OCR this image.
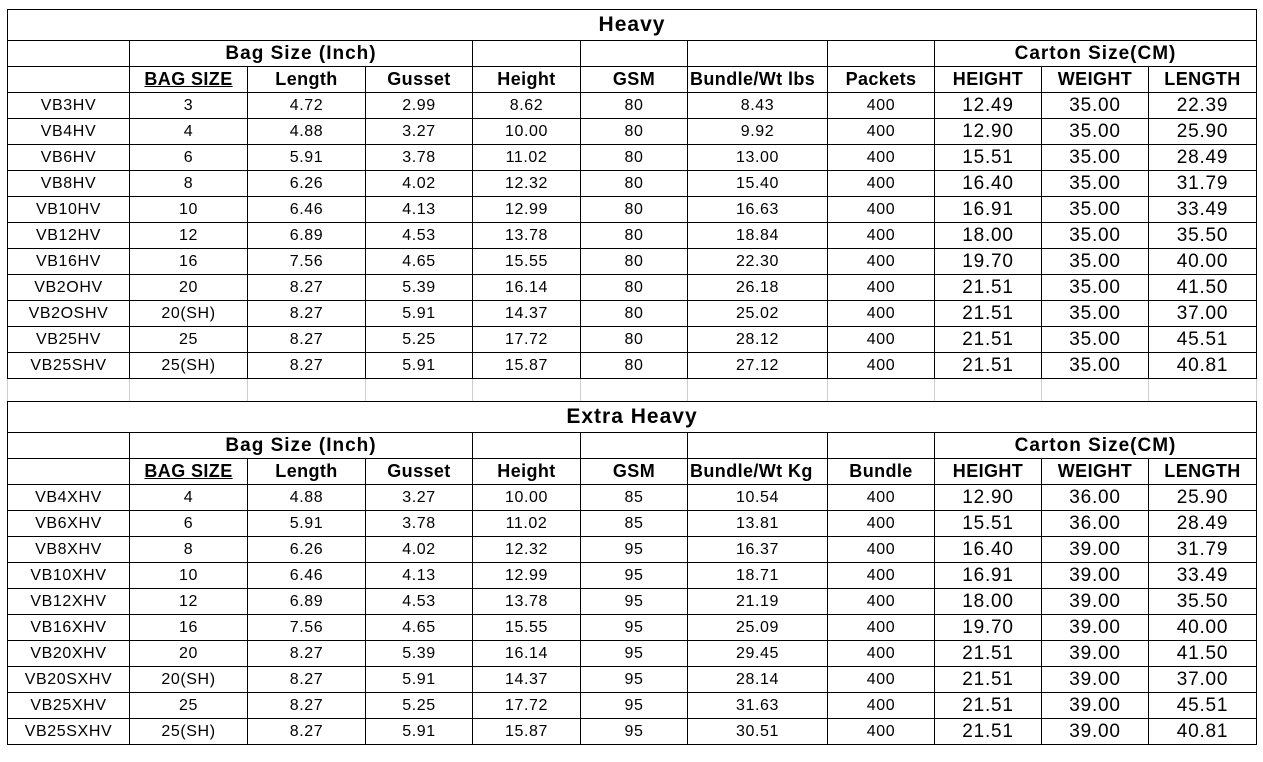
Heavy										
	Bag Size (Inch)							Carton Size(CM)		
	BAG SIZE	Length	Gusset	Height	GSM	Bundle/Wt lbs	Packets	HEIGHT	WEIGHT	LENGTH
VB3HV	3	4.72	2.99	8.62	80	8.43	400	12.49	35.00	22.39
VB4HV	4	4.88	3.27	10.00	80	9.92	400	12.90	35.00	25.90
VB6HV	6	5.91	3.78	11.02	80	13.00	400	15.51	35.00	28.49
VB8HV	8	6.26	4.02	12.32	80	15.40	400	16.40	35.00	31.79
VB10HV	10	6.46	4.13	12.99	80	16.63	400	16.91	35.00	33.49
VB12HV	12	6.89	4.53	13.78	80	18.84	400	18.00	35.00	35.50
VB16HV	16	7.56	4.65	15.55	80	22.30	400	19.70	35.00	40.00
VB2OHV	20	8.27	5.39	16.14	80	26.18	400	21.51	35.00	41.50
VB2OSHV	20(SH)	8.27	5.91	14.37	80	25.02	400	21.51	35.00	37.00
VB25HV	25	8.27	5.25	17.72	80	28.12	400	21.51	35.00	45.51
VB25SHV	25(SH)	8.27	5.91	15.87	80	27.12	400	21.51	35.00	40.81

Extra Heavy										
	Bag Size (Inch)							Carton Size(CM)		
	BAG SIZE	Length	Gusset	Height	GSM	Bundle/Wt Kg	Bundle	HEIGHT	WEIGHT	LENGTH
VB4XHV	4	4.88	3.27	10.00	85	10.54	400	12.90	36.00	25.90
VB6XHV	6	5.91	3.78	11.02	85	13.81	400	15.51	36.00	28.49
VB8XHV	8	6.26	4.02	12.32	95	16.37	400	16.40	39.00	31.79
VB10XHV	10	6.46	4.13	12.99	95	18.71	400	16.91	39.00	33.49
VB12XHV	12	6.89	4.53	13.78	95	21.19	400	18.00	39.00	35.50
VB16XHV	16	7.56	4.65	15.55	95	25.09	400	19.70	39.00	40.00
VB20XHV	20	8.27	5.39	16.14	95	29.45	400	21.51	39.00	41.50
VB20SXHV	20(SH)	8.27	5.91	14.37	95	28.14	400	21.51	39.00	37.00
VB25XHV	25	8.27	5.25	17.72	95	31.63	400	21.51	39.00	45.51
VB25SXHV	25(SH)	8.27	5.91	15.87	95	30.51	400	21.51	39.00	40.81
